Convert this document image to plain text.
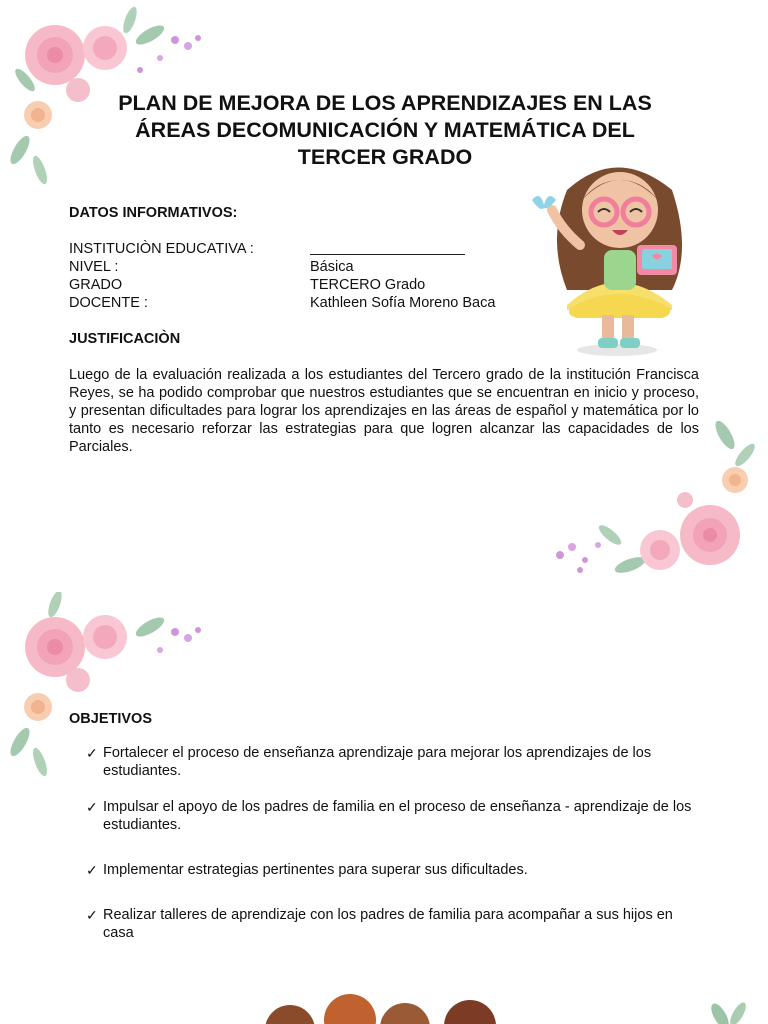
PLAN DE MEJORA DE LOS APRENDIZAJES EN LAS
ÁREAS DECOMUNICACIÓN Y MATEMÁTICA DEL
TERCER GRADO
DATOS INFORMATIVOS:
INSTITUCIÒN EDUCATIVA :
NIVEL :	Básica
GRADO	TERCERO Grado
DOCENTE :	Kathleen Sofía Moreno Baca
JUSTIFICACIÒN
Luego de la evaluación realizada a los estudiantes del Tercero grado de la institución Francisca Reyes, se ha podido comprobar que nuestros estudiantes que se encuentran en inicio y proceso, y presentan dificultades para lograr los aprendizajes en las áreas de español y matemática por lo tanto es necesario reforzar las estrategias para que logren alcanzar las capacidades de los Parciales.
OBJETIVOS
✓ Fortalecer el proceso de enseñanza aprendizaje para mejorar los aprendizajes de los estudiantes.
✓ Impulsar el apoyo de los padres de familia en el proceso de enseñanza - aprendizaje de los estudiantes.
✓ Implementar estrategias pertinentes para superar sus dificultades.
✓ Realizar talleres de aprendizaje con los padres de familia para acompañar a sus hijos en casa
